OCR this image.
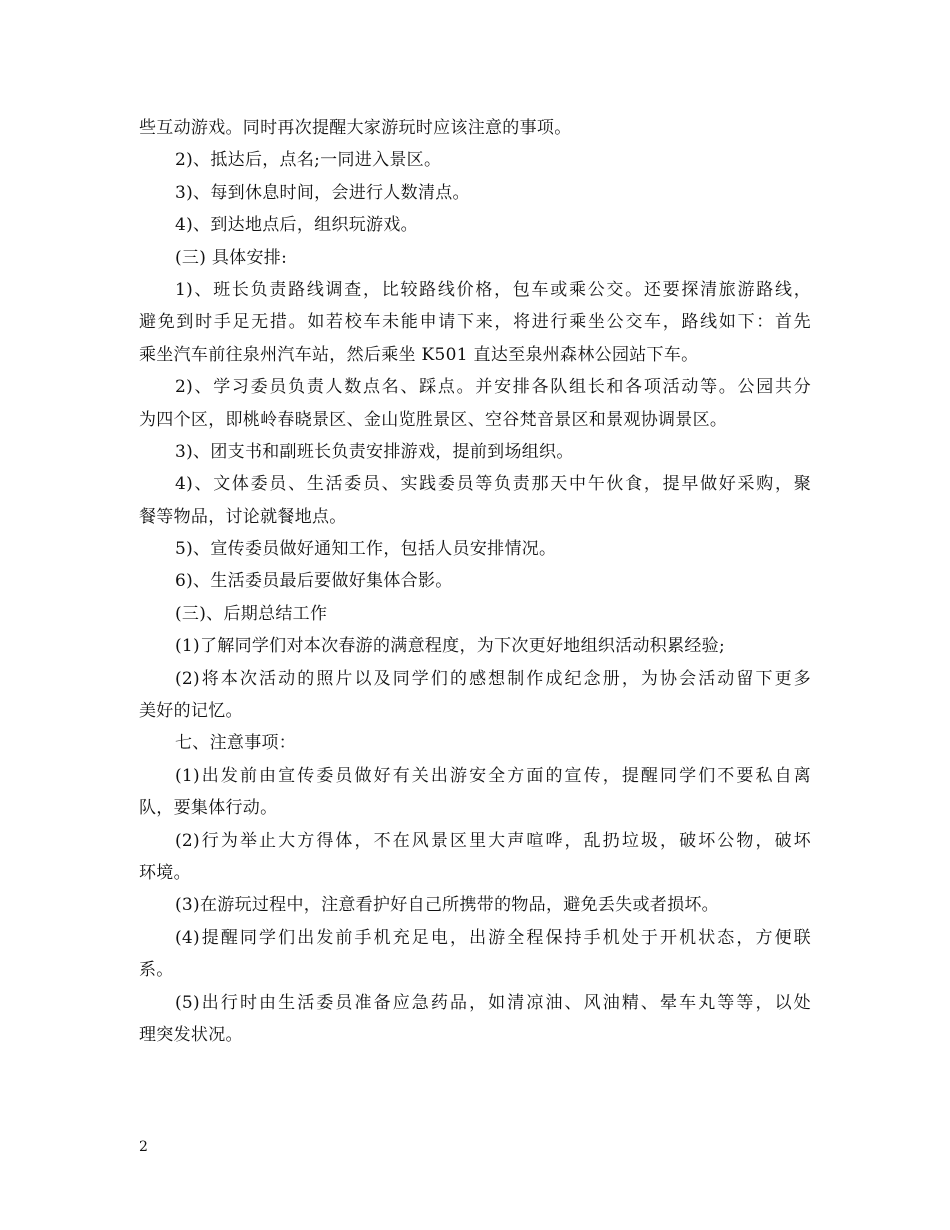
些互动游戏。同时再次提醒大家游玩时应该注意的事项。
2)、抵达后，点名;一同进入景区。
3)、每到休息时间，会进行人数清点。
4)、到达地点后，组织玩游戏。
(三) 具体安排:
1)、班长负责路线调查，比较路线价格，包车或乘公交。还要探清旅游路线，
避免到时手足无措。如若校车未能申请下来，将进行乘坐公交车，路线如下：首先
乘坐汽车前往泉州汽车站，然后乘坐 K501 直达至泉州森林公园站下车。
2)、学习委员负责人数点名、踩点。并安排各队组长和各项活动等。公园共分
为四个区，即桃岭春晓景区、金山览胜景区、空谷梵音景区和景观协调景区。
3)、团支书和副班长负责安排游戏，提前到场组织。
4)、文体委员、生活委员、实践委员等负责那天中午伙食，提早做好采购，聚
餐等物品，讨论就餐地点。
5)、宣传委员做好通知工作，包括人员安排情况。
6)、生活委员最后要做好集体合影。
(三)、后期总结工作
(1)了解同学们对本次春游的满意程度，为下次更好地组织活动积累经验;
(2)将本次活动的照片以及同学们的感想制作成纪念册，为协会活动留下更多
美好的记忆。
七、注意事项：
(1)出发前由宣传委员做好有关出游安全方面的宣传，提醒同学们不要私自离
队，要集体行动。
(2)行为举止大方得体，不在风景区里大声喧哗，乱扔垃圾，破坏公物，破坏
环境。
(3)在游玩过程中，注意看护好自己所携带的物品，避免丢失或者损坏。
(4)提醒同学们出发前手机充足电，出游全程保持手机处于开机状态，方便联
系。
(5)出行时由生活委员准备应急药品，如清凉油、风油精、晕车丸等等，以处
理突发状况。
2
